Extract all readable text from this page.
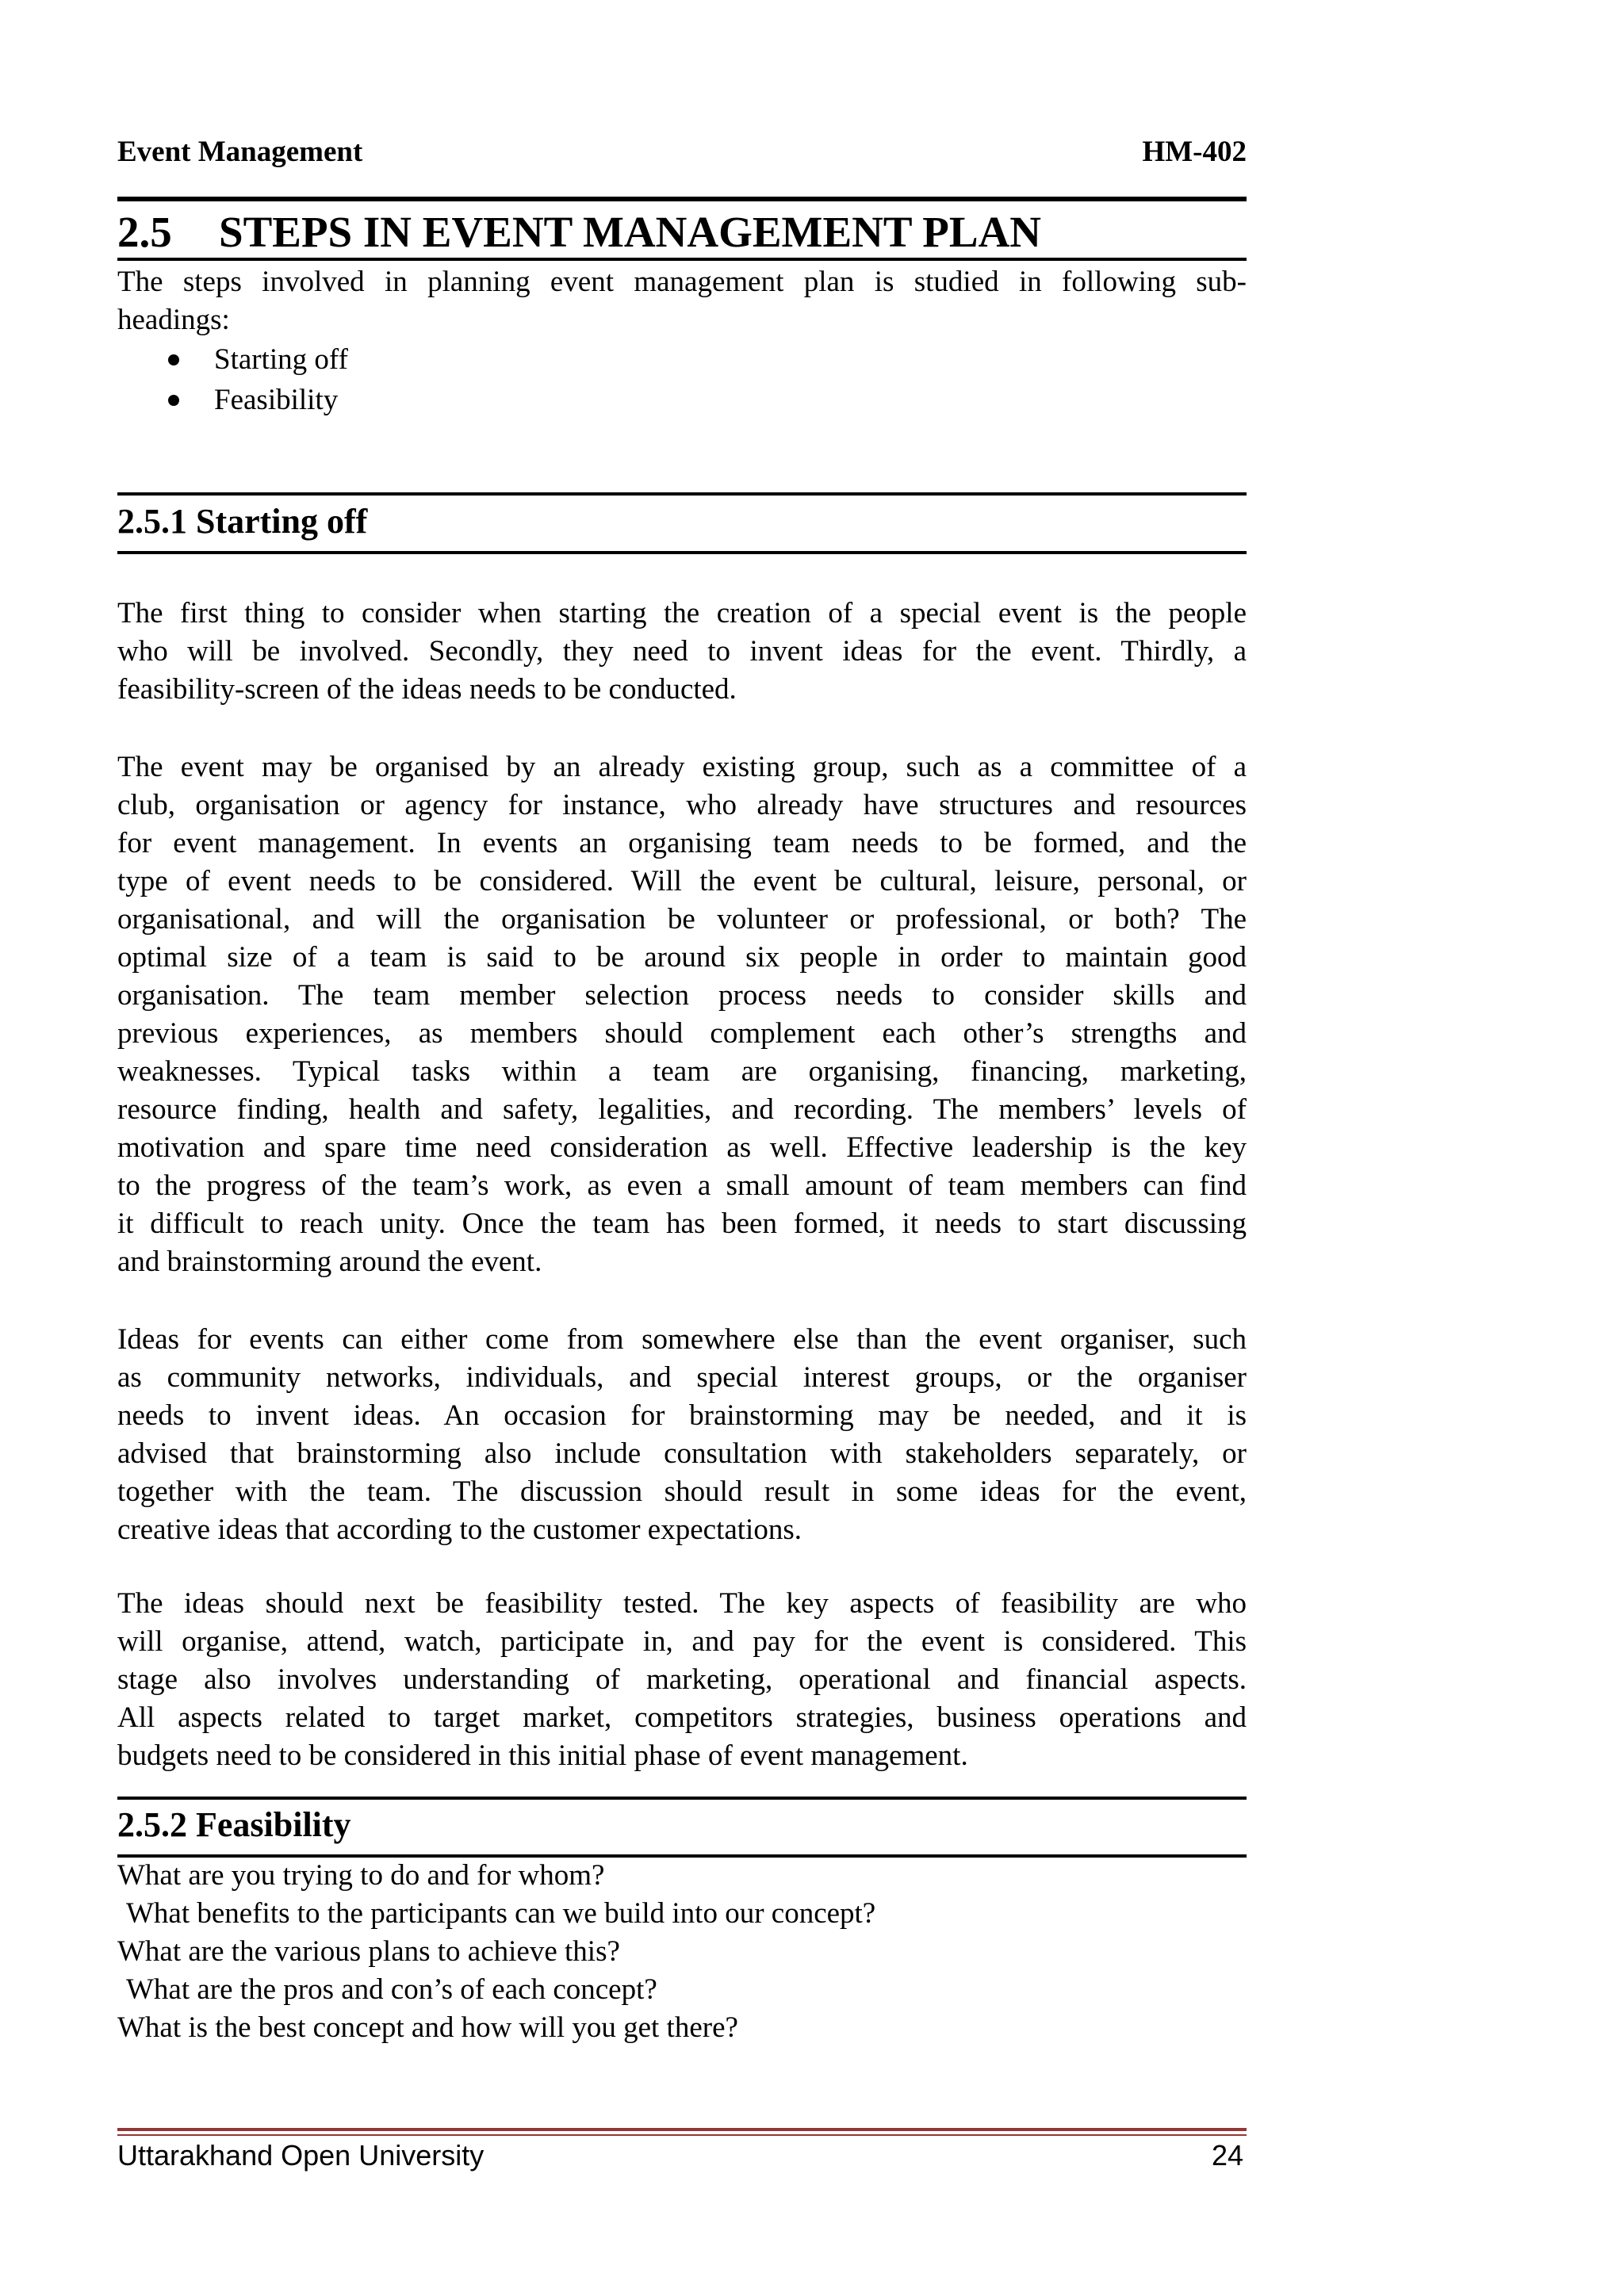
Event Management	HM-402
2.5 STEPS IN EVENT MANAGEMENT PLAN
The steps involved in planning event management plan is studied in following sub-
headings:
Starting off
Feasibility
2.5.1 Starting off
The first thing to consider when starting the creation of a special event is the people
who will be involved. Secondly, they need to invent ideas for the event. Thirdly, a
feasibility-screen of the ideas needs to be conducted.
The event may be organised by an already existing group, such as a committee of a
club, organisation or agency for instance, who already have structures and resources
for event management. In events an organising team needs to be formed, and the
type of event needs to be considered. Will the event be cultural, leisure, personal, or
organisational, and will the organisation be volunteer or professional, or both? The
optimal size of a team is said to be around six people in order to maintain good
organisation. The team member selection process needs to consider skills and
previous experiences, as members should complement each other’s strengths and
weaknesses. Typical tasks within a team are organising, financing, marketing,
resource finding, health and safety, legalities, and recording. The members’ levels of
motivation and spare time need consideration as well. Effective leadership is the key
to the progress of the team’s work, as even a small amount of team members can find
it difficult to reach unity. Once the team has been formed, it needs to start discussing
and brainstorming around the event.
Ideas for events can either come from somewhere else than the event organiser, such
as community networks, individuals, and special interest groups, or the organiser
needs to invent ideas. An occasion for brainstorming may be needed, and it is
advised that brainstorming also include consultation with stakeholders separately, or
together with the team. The discussion should result in some ideas for the event,
creative ideas that according to the customer expectations.
The ideas should next be feasibility tested. The key aspects of feasibility are who
will organise, attend, watch, participate in, and pay for the event is considered. This
stage also involves understanding of marketing, operational and financial aspects.
All aspects related to target market, competitors strategies, business operations and
budgets need to be considered in this initial phase of event management.
2.5.2 Feasibility
What are you trying to do and for whom?
What benefits to the participants can we build into our concept?
What are the various plans to achieve this?
What are the pros and con’s of each concept?
What is the best concept and how will you get there?
Uttarakhand Open University	24
